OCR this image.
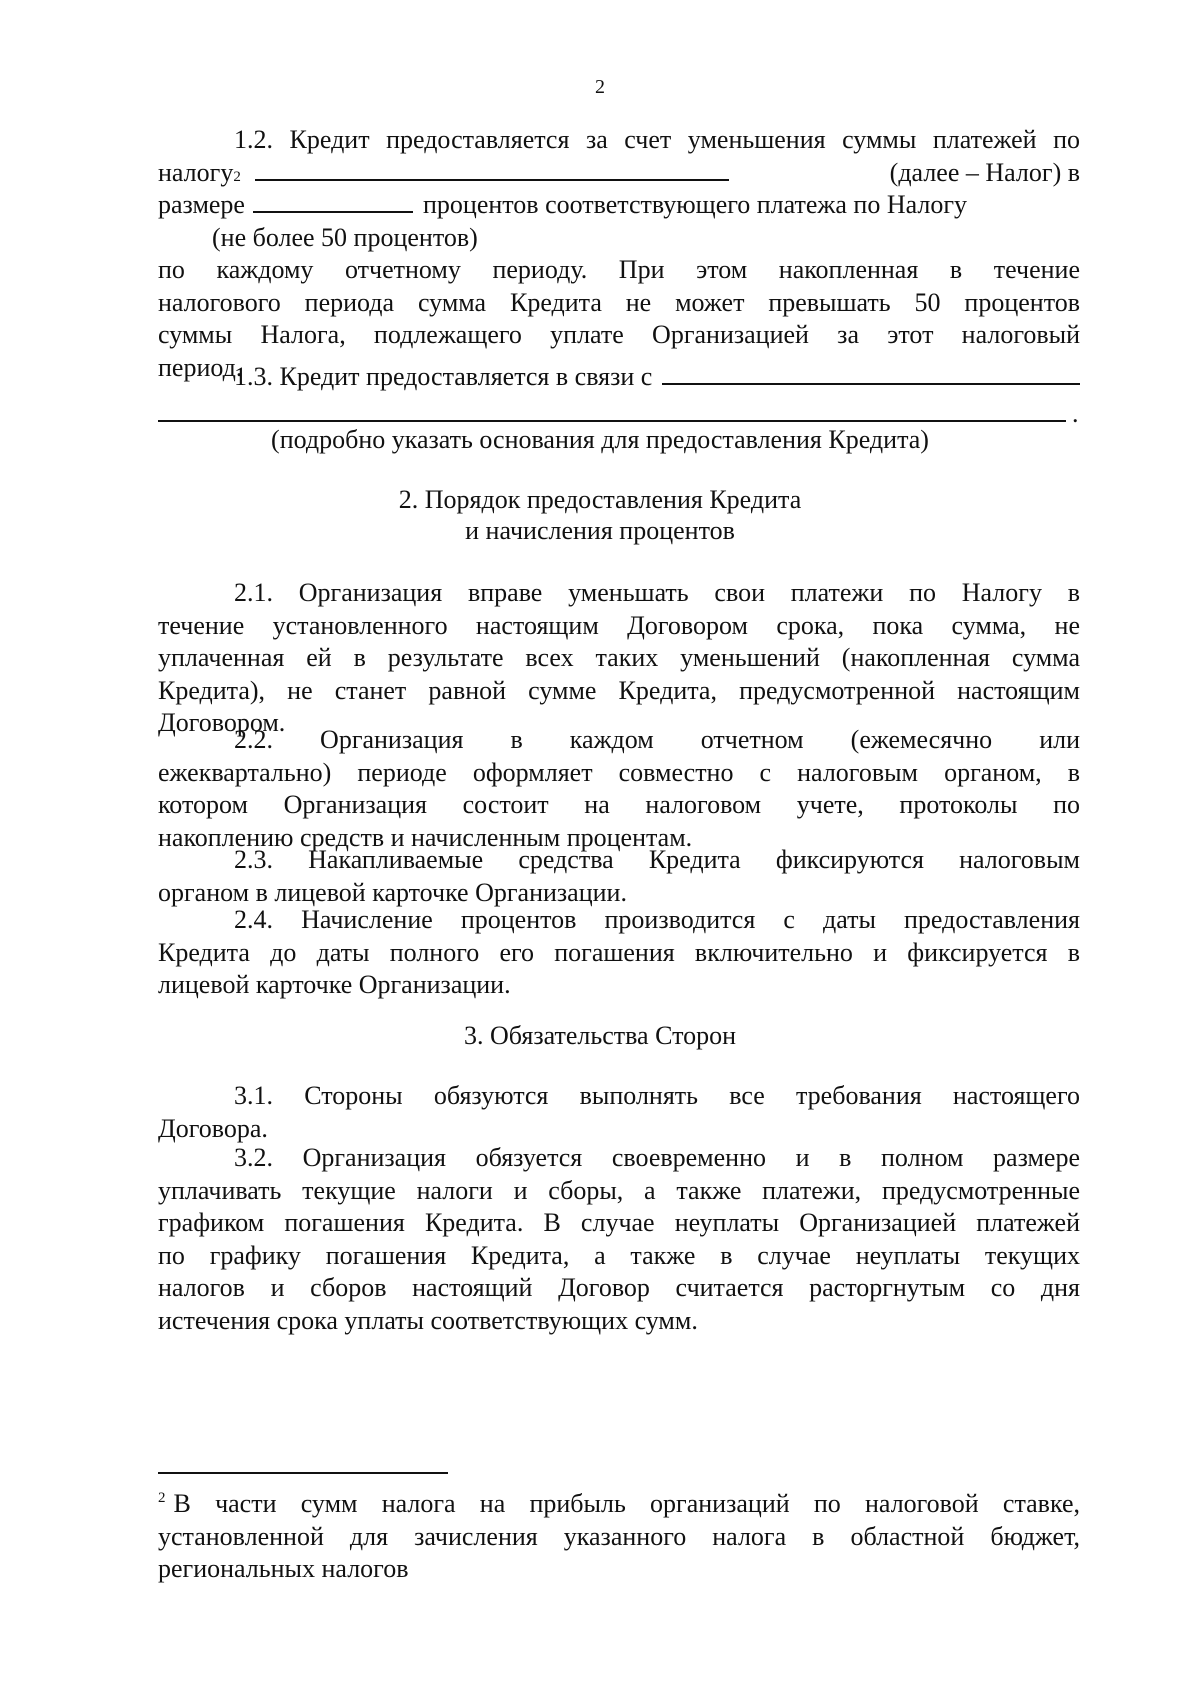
2
1.2. Кредит предоставляется за счет уменьшения суммы платежей по
налогу 2	(далее – Налог) в
размере	процентов соответствующего платежа по Налогу
(не более 50 процентов)
по каждому отчетному периоду. При этом накопленная в течение
налогового периода сумма Кредита не может превышать 50 процентов
суммы Налога, подлежащего уплате Организацией за этот налоговый
период.
1.3. Кредит предоставляется в связи с
.
(подробно указать основания для предоставления Кредита)
2. Порядок предоставления Кредита
и начисления процентов
2.1. Организация вправе уменьшать свои платежи по Налогу в
течение установленного настоящим Договором срока, пока сумма, не
уплаченная ей в результате всех таких уменьшений (накопленная сумма
Кредита), не станет равной сумме Кредита, предусмотренной настоящим
Договором.
2.2. Организация в каждом отчетном (ежемесячно или
ежеквартально) периоде оформляет совместно с налоговым органом, в
котором Организация состоит на налоговом учете, протоколы по
накоплению средств и начисленным процентам.
2.3. Накапливаемые средства Кредита фиксируются налоговым
органом в лицевой карточке Организации.
2.4. Начисление процентов производится с даты предоставления
Кредита до даты полного его погашения включительно и фиксируется в
лицевой карточке Организации.
3. Обязательства Сторон
3.1. Стороны обязуются выполнять все требования настоящего
Договора.
3.2. Организация обязуется своевременно и в полном размере
уплачивать текущие налоги и сборы, а также платежи, предусмотренные
графиком погашения Кредита. В случае неуплаты Организацией платежей
по графику погашения Кредита, а также в случае неуплаты текущих
налогов и сборов настоящий Договор считается расторгнутым со дня
истечения срока уплаты соответствующих сумм.
$^2$ В части сумм налога на прибыль организаций по налоговой ставке,
установленной для зачисления указанного налога в областной бюджет,
региональных налогов
